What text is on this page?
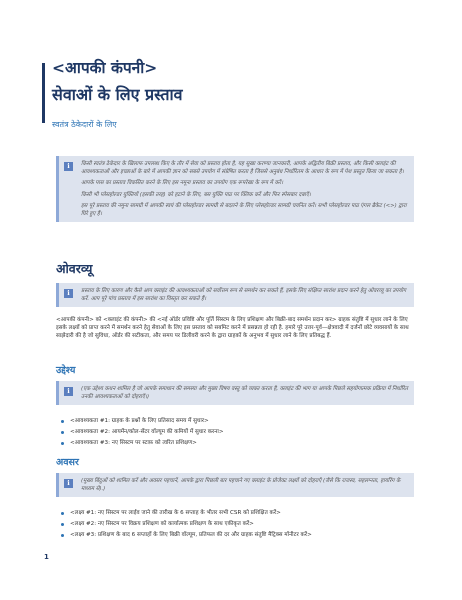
<आपकी कंपनी>
सेवाओं के लिए प्रस्ताव

स्वतंत्र ठेकेदारों के लिए

i	किसी स्वतंत्र ठेकेदार के खिलाफ उपलब्ध किए के तौर में सेवा को प्रस्ताव होता है, यह सुखा करण्या जानकारी, आपके अद्वितीय बिक्री प्रस्ताव, और किसी क्लाइंट की आवश्यकताओं और इच्छाओं के बारे में आपकी ज्ञान को सबसे उपयोग में संप्रेषित करता है जिससे अनुबंध निर्धारितम के आधार के रूप में पेश प्रस्तुत किया जा सकता है।

आपके पास का प्रस्ताव विकसित करने के लिए इस नमूना प्रस्ताव का उपयोग एक रूपरेखा के रूप में करें।

किसी भी प्लेसहोल्डर युक्तियों (इसकी तरह) को हटाने के लिए, बस युक्ति पाठ पर क्लिक करें और फिर स्पेसबार दबाएँ।

इस पूरे प्रस्ताव की नमूना सामग्री में आपकी स्वयं की प्लेसहोल्डर सामग्री से बदलने के लिए प्लेसहोल्डर सामग्री चयनित करें। सभी प्लेसहोल्डर पाठ एंगल ब्रैकेट (<>) द्वारा घिरे हुए हैं।

ओवरव्यू
i	प्रस्ताव के लिए कारण और कैसे आप क्लाइंट की आवश्यकताओं को सर्वोत्तम रूप से समर्थन कर सकते हैं, इसके लिए संक्षिप्त सारांश प्रदान करने हेतु ओवरव्यू का उपयोग करें. आप पूरे पांच प्रस्ताव में इस सारांश का विस्तृत कर सकते हैं।

<आपकी कंपनी> को <क्लाइंट की कंपनी> की <नई ऑर्डर प्रविष्टि और पूर्ति सिस्टम के लिए प्रशिक्षण और बिक्री-बाद समर्थन प्रदान कर> ग्राहक संतुष्टि में सुधार लाने के लिए इसके लक्ष्यों को प्राप्त करने में समर्थन करने हेतु सेवाओं के लिए इस प्रस्ताव को सबमिट करने में प्रसन्नता हो रही है. हमारे पूरे उत्तर-पूर्व—क्षेत्रवादी में दर्जनों छोटे व्यवसायों के साथ साझेदारी की है जो सुविधा, ऑर्डर की सटीकता, और समय पर डिलीवरी करने के द्वारा ग्राहकों के अनुभव में सुधार लाने के लिए प्रतिबद्ध हैं.

उद्देश्य
i	(एक उद्देश्य कथन शामिल है जो आपके समाधान की समस्या और मुख्य विषय वस्तु को व्यक्त करता है, क्लाइंट की भाग या आपके पिछले सहयोगात्मक प्रक्रिया में निर्धारित उनकी आवश्यकताओं को दोहराएँ।)

<आवश्यकता #1: ग्राहक के प्रश्नों के लिए प्रतिसाद समय में सुधार>
<आवश्यकता #2: आयमेंन/कोल-सेंटर वॉल्यूम की कमियों में सुधार करना>
<आवश्यकता #3: नए सिस्टम पर स्टाफ़ को त्वरित प्रशिक्षण>
अवसर
i	(मुख्य बिंदुओं को शामिल करें और अवसर पहचानें, आपके द्वारा पिछली बार पहचाने गए क्लाइंट के प्रोजेक्ट लक्ष्यों को दोहराएँ (जैसे कि राजस्व, सहलग्नता, हायरिंग के माध्यम से).)

<लक्ष्य #1: नए सिस्टम पर लाईव जाने की तारीख के 6 सप्ताह के भीतर सभी CSR को प्रशिक्षित करें>
<लक्ष्य #2: नए सिस्टम पर विक्रय प्रशिक्षण को कार्यात्मक प्रशिक्षण के साथ एकीकृत करें>
<लक्ष्य #3: प्रशिक्षण के बाद 6 सप्ताहों के लिए बिक्री वॉल्यूम, प्रतिफल की दर और ग्राहक संतुष्टि मैट्रिक्स मॉनीटर करें>
1
